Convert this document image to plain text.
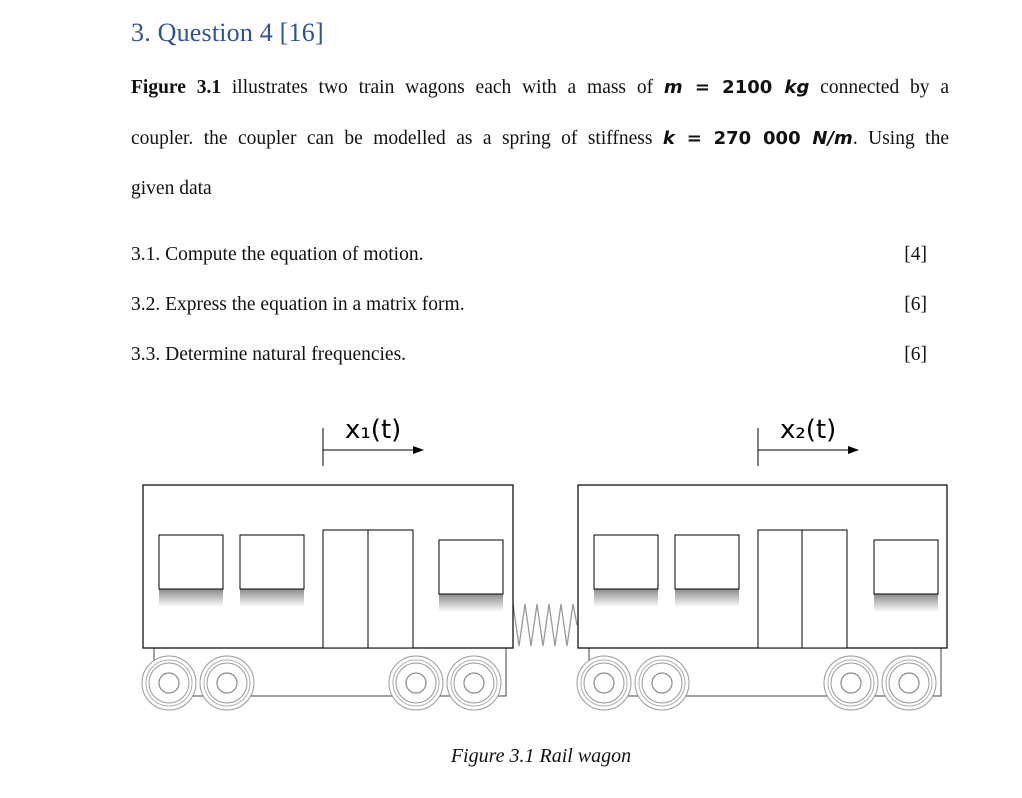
3. Question 4 [16]
Figure 3.1 illustrates two train wagons each with a mass of m = 2100 kg connected by a
coupler. the coupler can be modelled as a spring of stiffness k = 270 000 N/m. Using the
given data
3.1. Compute the equation of motion.	[4]
3.2. Express the equation in a matrix form.	[6]
3.3. Determine natural frequencies.	[6]
x₁(t)	x₂(t)
Figure 3.1 Rail wagon
